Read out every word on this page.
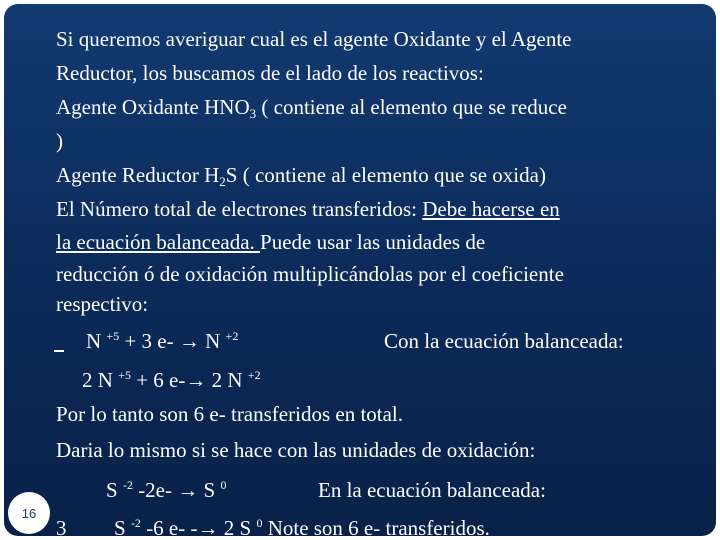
Si queremos averiguar cual es el agente Oxidante y el Agente
Reductor, los buscamos de el lado de los reactivos:
Agente Oxidante $HNO_3$ ( contiene al elemento que se reduce
)
Agente Reductor $H_2S$ ( contiene al elemento que se oxida)
El Número total de electrones transferidos: Debe hacerse en
la ecuación balanceada. Puede usar las unidades de
reducción ó de oxidación multiplicándolas por el coeficiente
respectivo:
N $^{+5}$ + 3 e- → N $^{+2}$	Con la ecuación balanceada:
2 N $^{+5}$ + 6 e-→ 2 N $^{+2}$
Por lo tanto son 6 e- transferidos en total.
Daria lo mismo si se hace con las unidades de oxidación:
S $^{-2}$ -2e- → S $^0$	En la ecuación balanceada:
3 S $^{-2}$ -6 e- -→ 2 S $^0$ Note son 6 e- transferidos.
16
